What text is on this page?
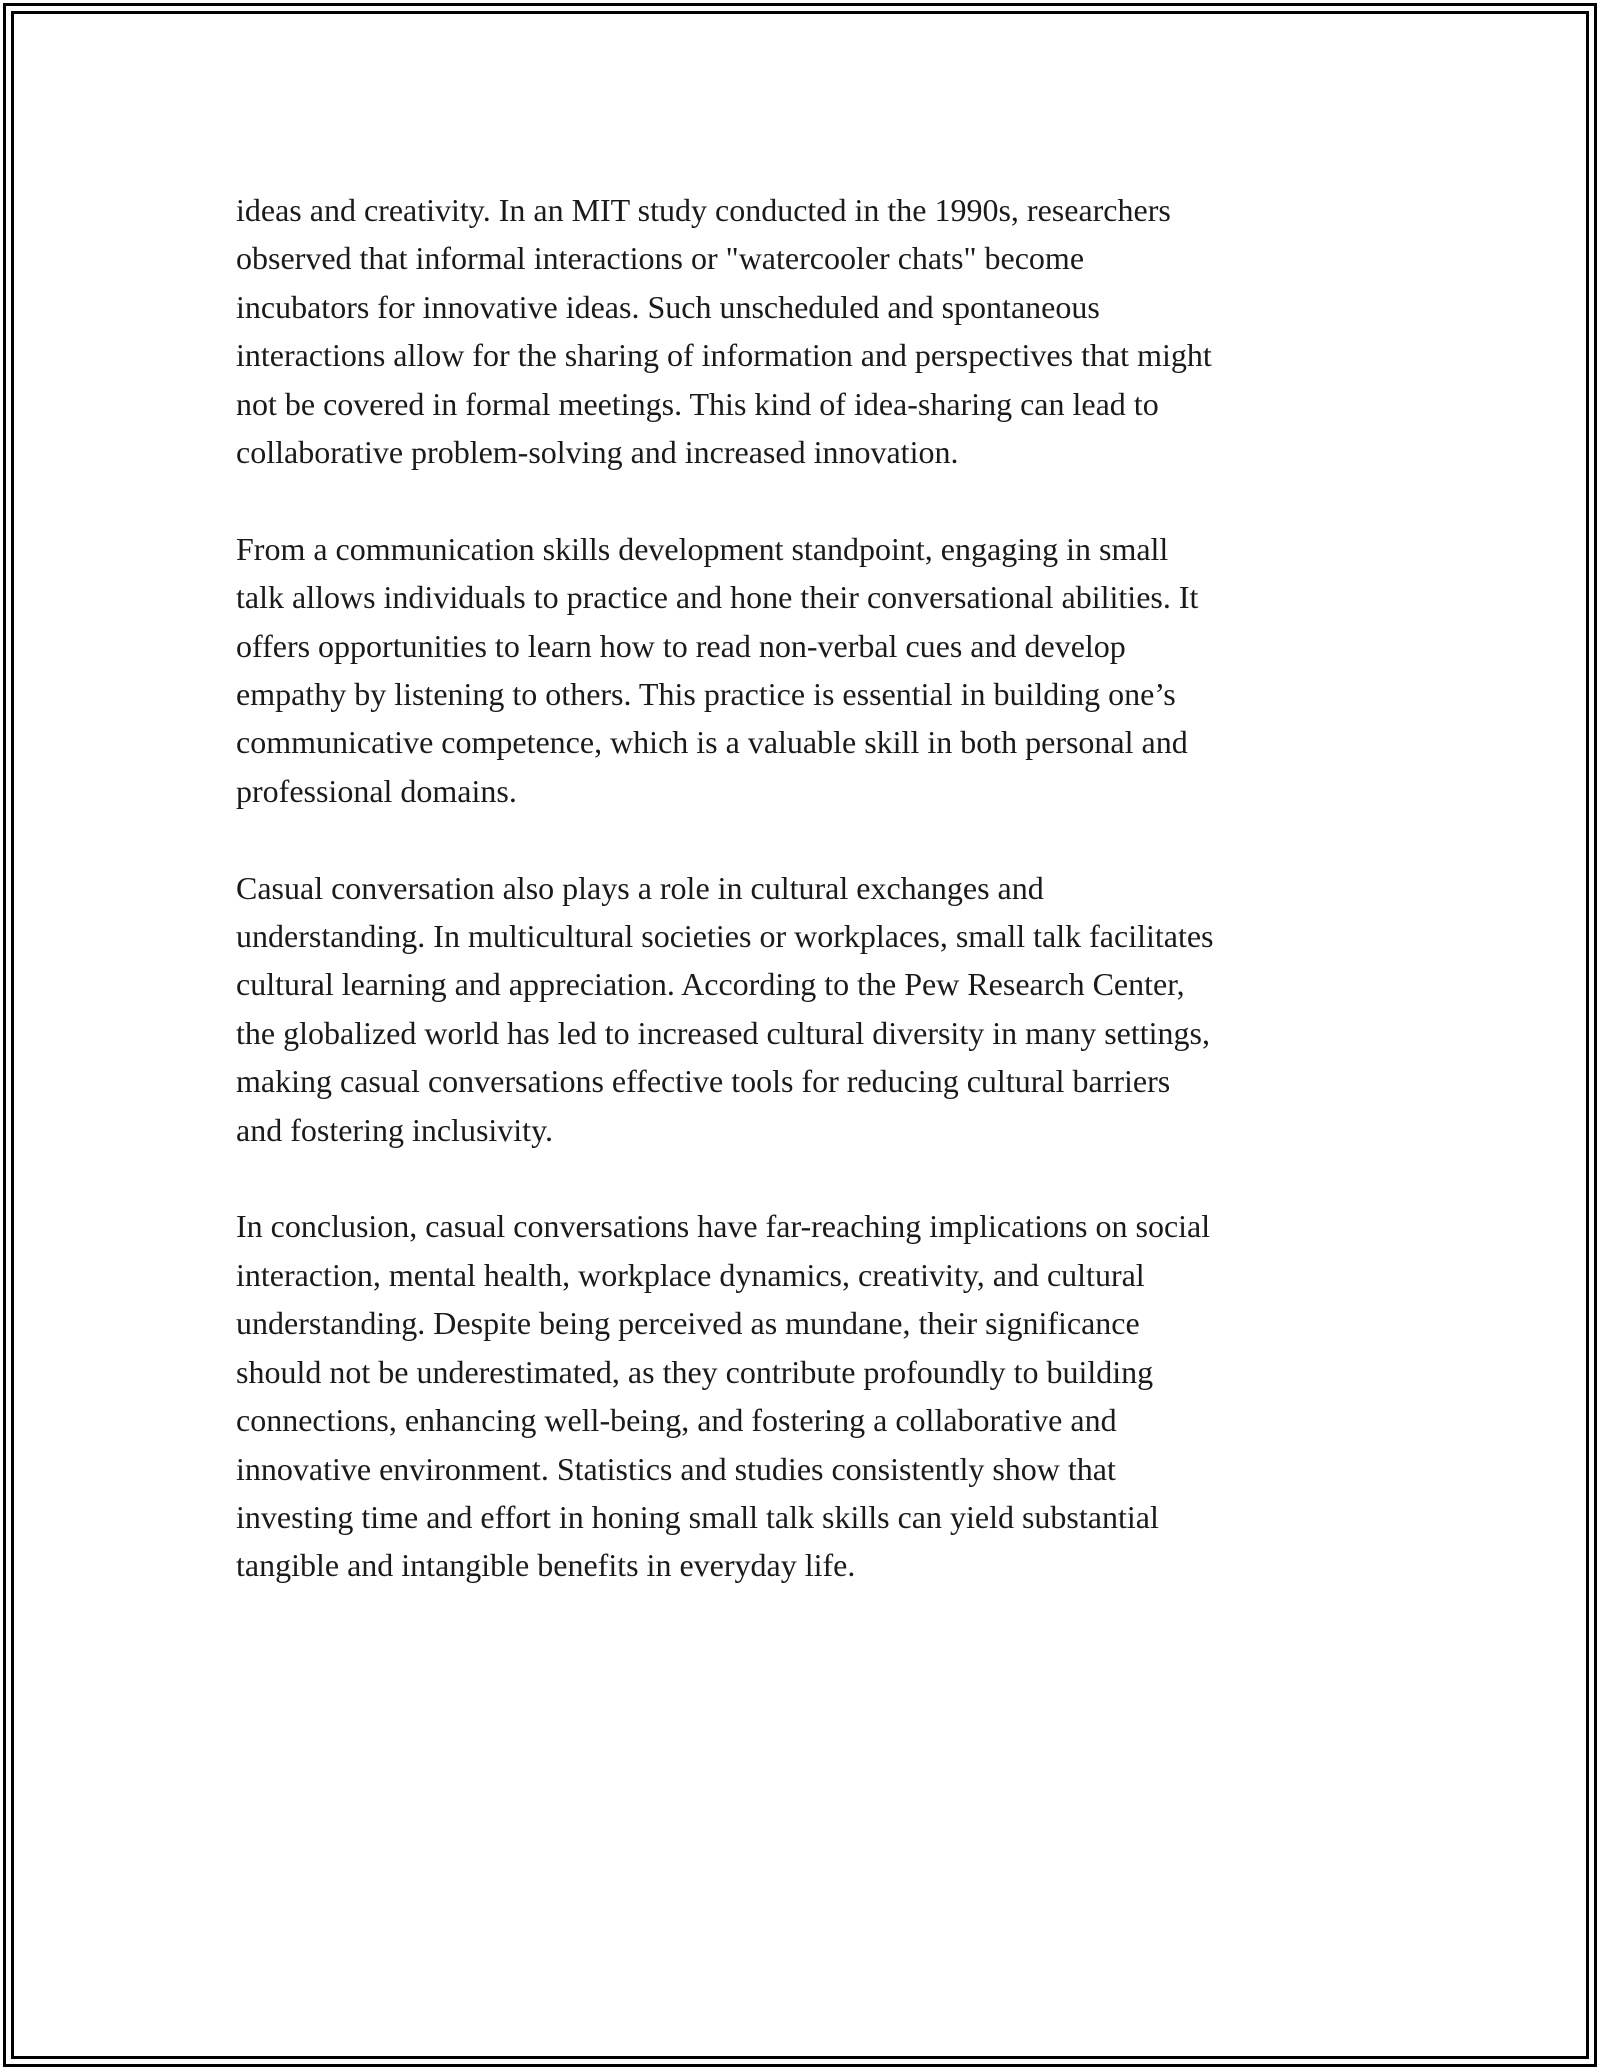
ideas and creativity. In an MIT study conducted in the 1990s, researchers
observed that informal interactions or "watercooler chats" become
incubators for innovative ideas. Such unscheduled and spontaneous
interactions allow for the sharing of information and perspectives that might
not be covered in formal meetings. This kind of idea-sharing can lead to
collaborative problem-solving and increased innovation.

From a communication skills development standpoint, engaging in small
talk allows individuals to practice and hone their conversational abilities. It
offers opportunities to learn how to read non-verbal cues and develop
empathy by listening to others. This practice is essential in building one’s
communicative competence, which is a valuable skill in both personal and
professional domains.

Casual conversation also plays a role in cultural exchanges and
understanding. In multicultural societies or workplaces, small talk facilitates
cultural learning and appreciation. According to the Pew Research Center,
the globalized world has led to increased cultural diversity in many settings,
making casual conversations effective tools for reducing cultural barriers
and fostering inclusivity.

In conclusion, casual conversations have far-reaching implications on social
interaction, mental health, workplace dynamics, creativity, and cultural
understanding. Despite being perceived as mundane, their significance
should not be underestimated, as they contribute profoundly to building
connections, enhancing well-being, and fostering a collaborative and
innovative environment. Statistics and studies consistently show that
investing time and effort in honing small talk skills can yield substantial
tangible and intangible benefits in everyday life.
